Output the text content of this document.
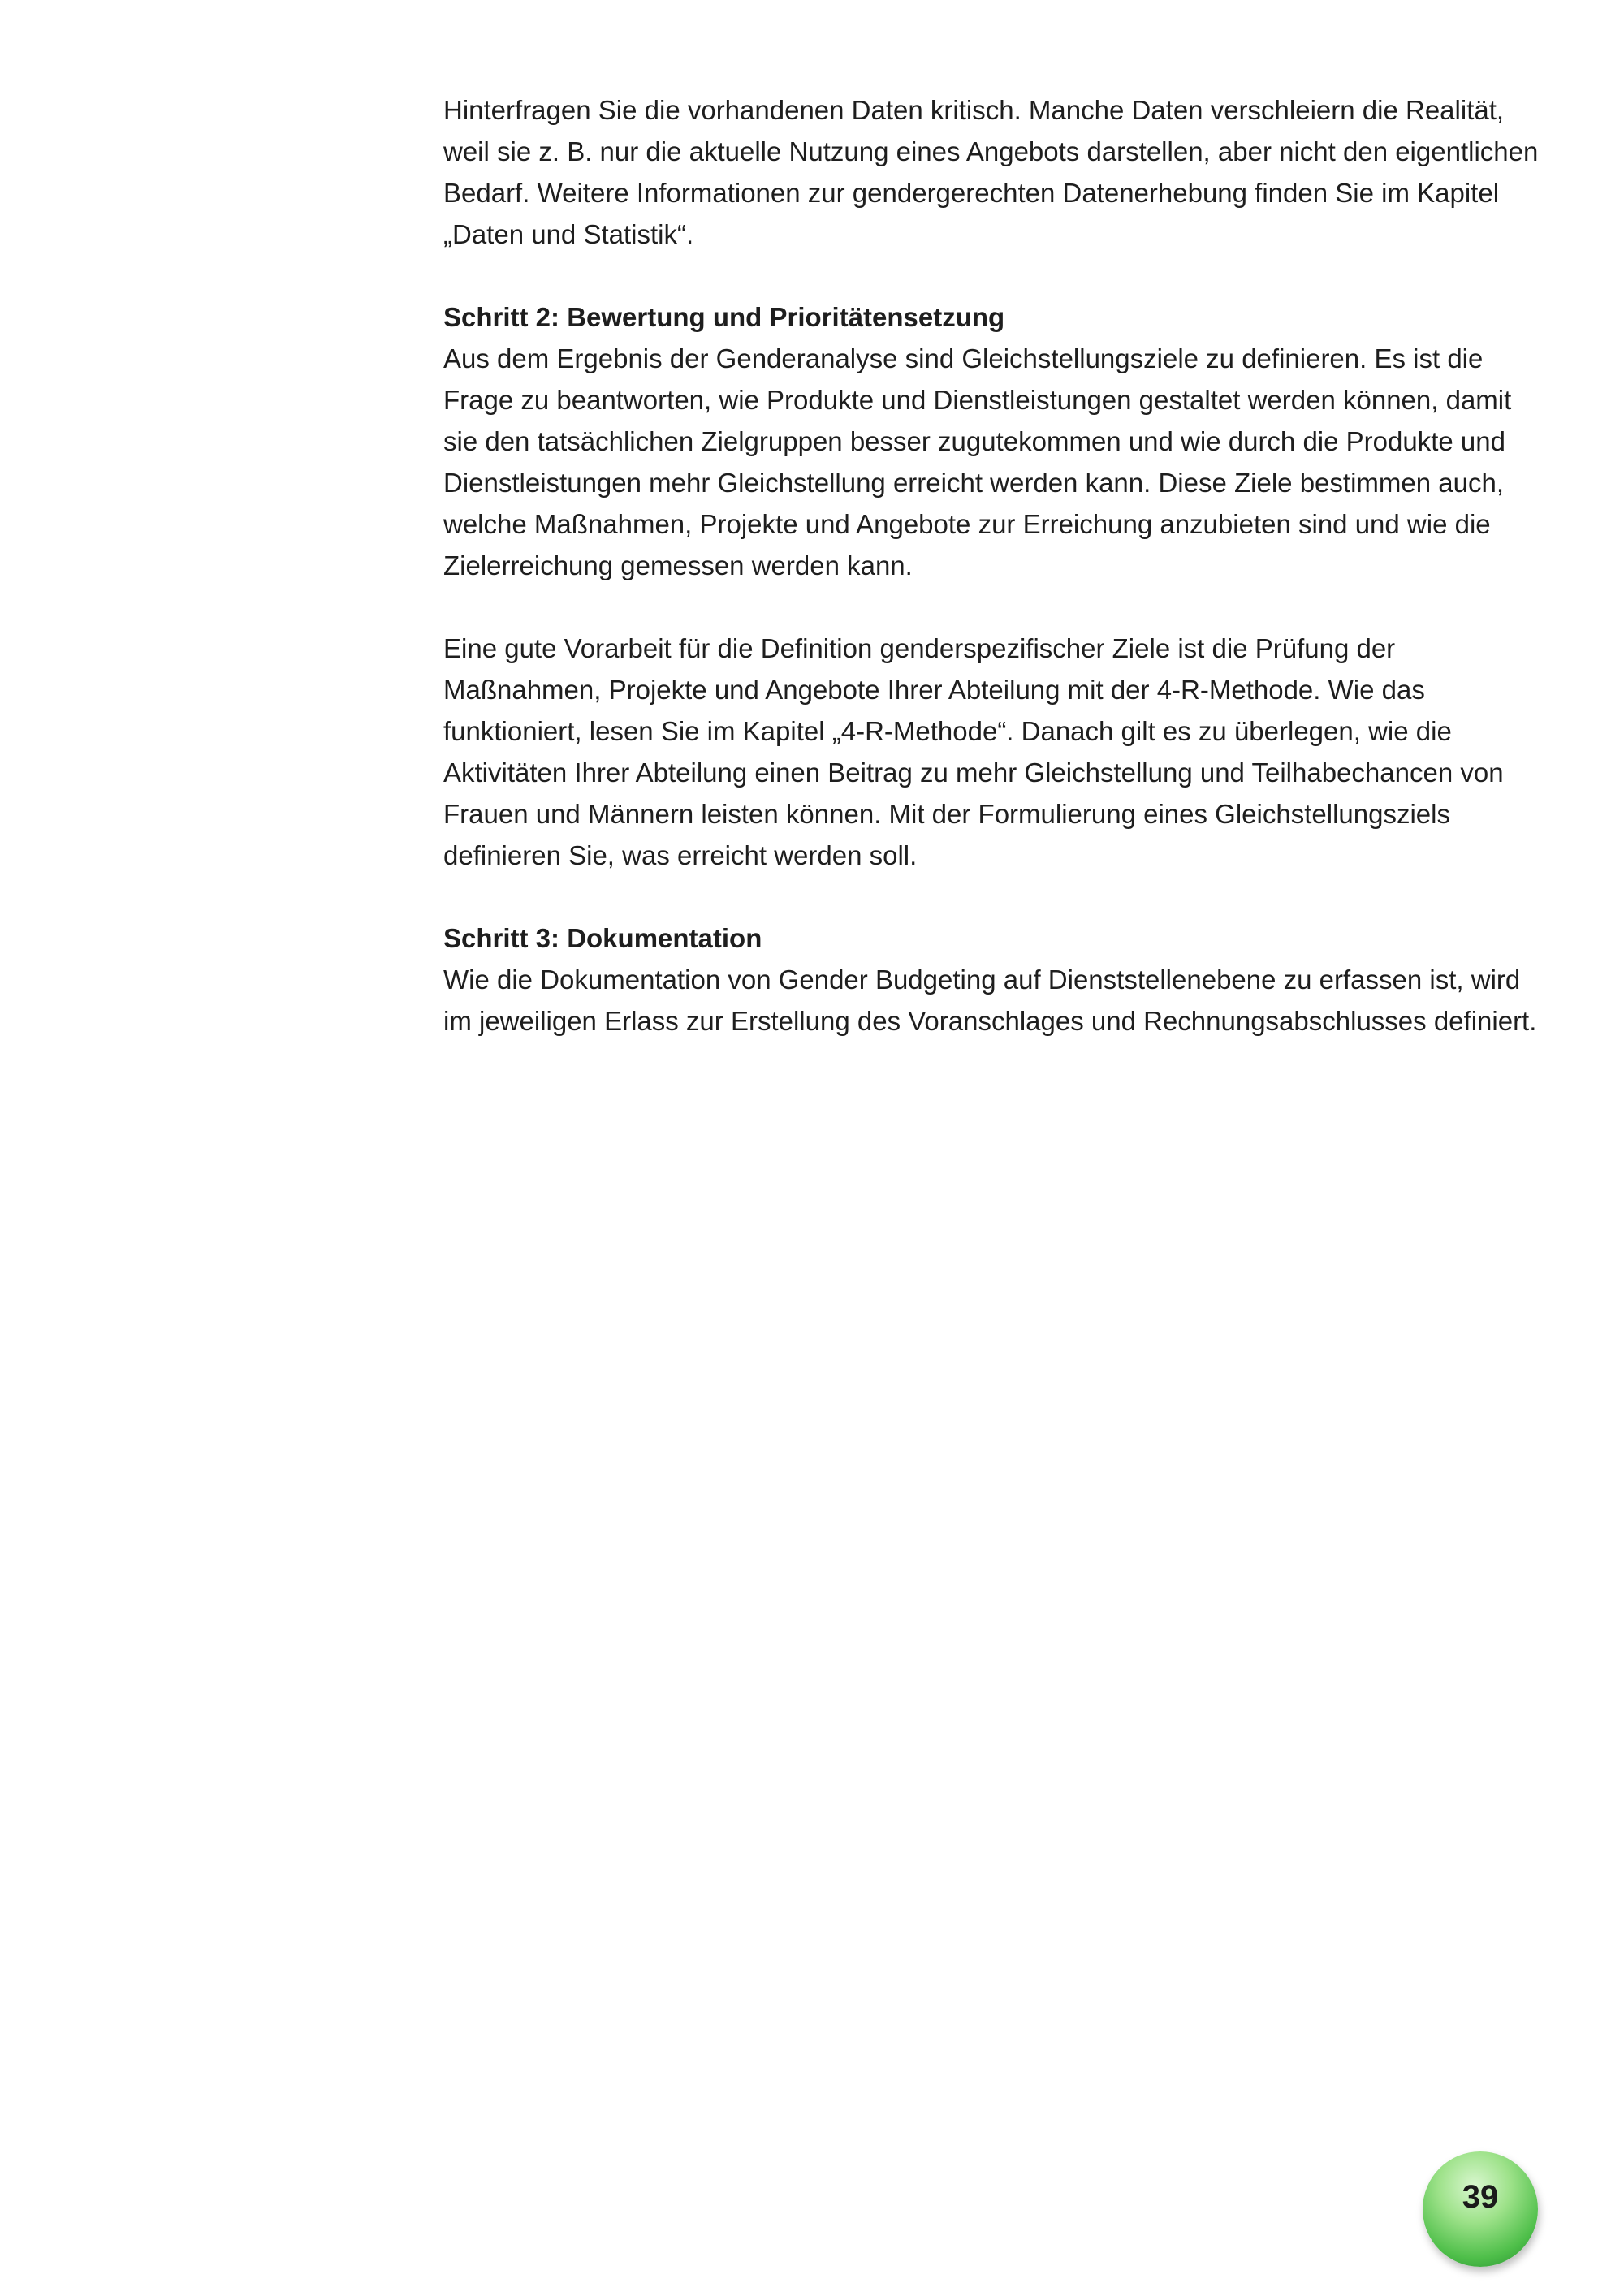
Hinterfragen Sie die vorhandenen Daten kritisch. Manche Daten verschleiern die Realität, weil sie z. B. nur die aktuelle Nutzung eines Angebots darstellen, aber nicht den eigentlichen Bedarf. Weitere Informationen zur gendergerechten Datenerhebung finden Sie im Kapitel „Daten und Statistik“.

Schritt 2: Bewertung und Prioritätensetzung

Aus dem Ergebnis der Genderanalyse sind Gleichstellungsziele zu definieren. Es ist die Frage zu beantworten, wie Produkte und Dienstleistungen gestaltet werden können, damit sie den tatsächlichen Zielgruppen besser zugutekommen und wie durch die Produkte und Dienstleistungen mehr Gleichstellung erreicht werden kann. Diese Ziele bestimmen auch, welche Maßnahmen, Projekte und Angebote zur Erreichung anzubieten sind und wie die Zielerreichung gemessen werden kann.

Eine gute Vorarbeit für die Definition genderspezifischer Ziele ist die Prüfung der Maßnahmen, Projekte und Angebote Ihrer Abteilung mit der 4-R-Methode. Wie das funktioniert, lesen Sie im Kapitel „4-R-Methode“. Danach gilt es zu überlegen, wie die Aktivitäten Ihrer Abteilung einen Beitrag zu mehr Gleichstellung und Teilhabechancen von Frauen und Männern leisten können. Mit der Formulierung eines Gleichstellungsziels definieren Sie, was erreicht werden soll.

Schritt 3: Dokumentation

Wie die Dokumentation von Gender Budgeting auf Dienststellenebene zu erfassen ist, wird im jeweiligen Erlass zur Erstellung des Voranschlages und Rechnungsabschlusses definiert.

39
